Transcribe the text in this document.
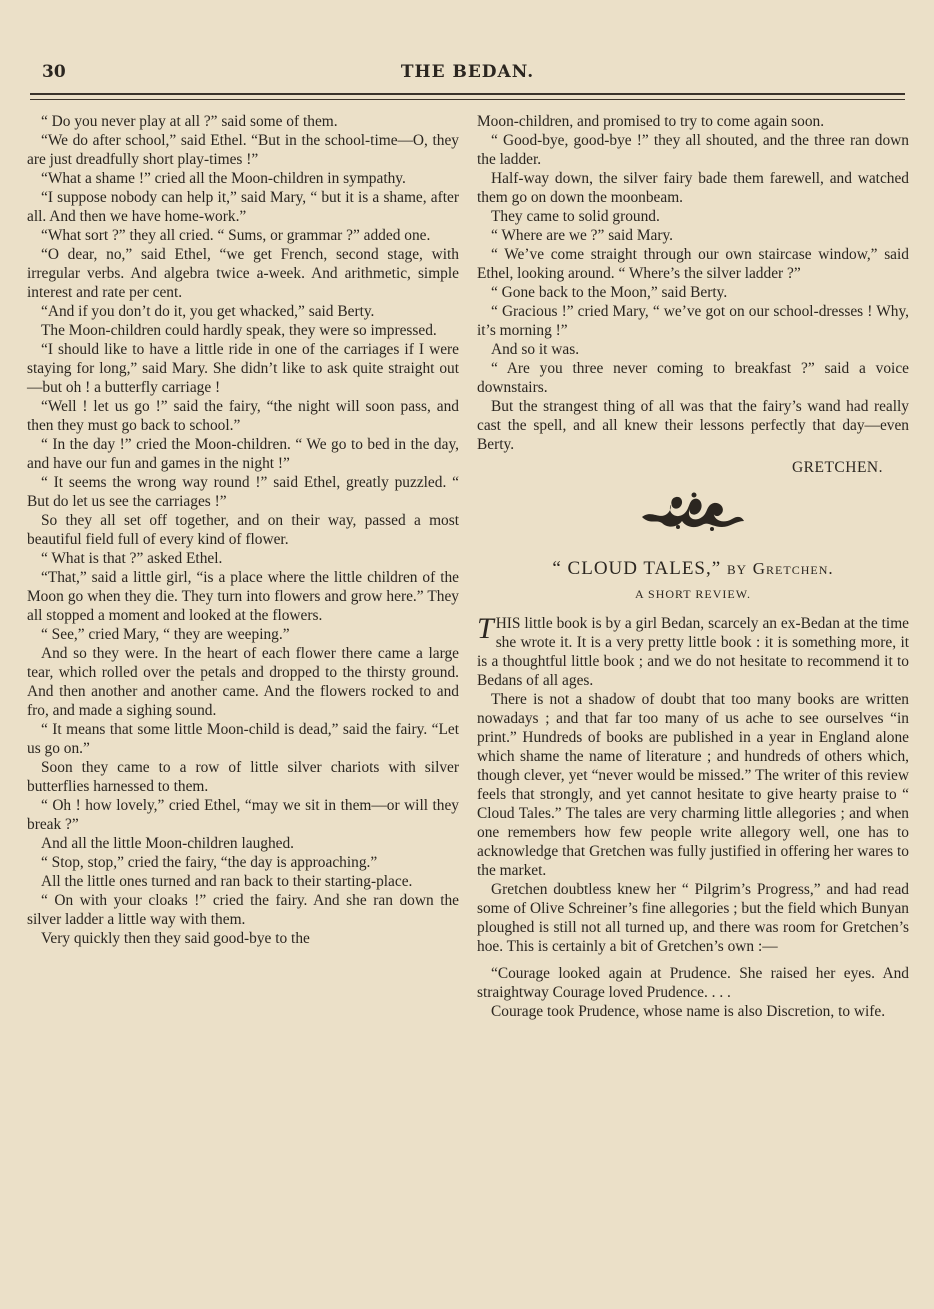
30	THE BEDAN.

“ Do you never play at all ?” said some of them.

“We do after school,” said Ethel. “But in the school-time—O, they are just dreadfully short play-times !”

“What a shame !” cried all the Moon-children in sympathy.

“I suppose nobody can help it,” said Mary, “ but it is a shame, after all. And then we have home-work.”

“What sort ?” they all cried. “ Sums, or grammar ?” added one.

“O dear, no,” said Ethel, “we get French, second stage, with irregular verbs. And algebra twice a-week. And arithmetic, simple interest and rate per cent.

“And if you don’t do it, you get whacked,” said Berty.

The Moon-children could hardly speak, they were so impressed.

“I should like to have a little ride in one of the carriages if I were staying for long,” said Mary. She didn’t like to ask quite straight out—but oh ! a butterfly carriage !

“Well ! let us go !” said the fairy, “the night will soon pass, and then they must go back to school.”

“ In the day !” cried the Moon-children. “ We go to bed in the day, and have our fun and games in the night !”

“ It seems the wrong way round !” said Ethel, greatly puzzled. “ But do let us see the carriages !”

So they all set off together, and on their way, passed a most beautiful field full of every kind of flower.

“ What is that ?” asked Ethel.

“That,” said a little girl, “is a place where the little children of the Moon go when they die. They turn into flowers and grow here.” They all stopped a moment and looked at the flowers.

“ See,” cried Mary, “ they are weeping.”

And so they were. In the heart of each flower there came a large tear, which rolled over the petals and dropped to the thirsty ground. And then another and another came. And the flowers rocked to and fro, and made a sighing sound.

“ It means that some little Moon-child is dead,” said the fairy. “Let us go on.”

Soon they came to a row of little silver chariots with silver butterflies harnessed to them.

“ Oh ! how lovely,” cried Ethel, “may we sit in them—or will they break ?”

And all the little Moon-children laughed.

“ Stop, stop,” cried the fairy, “the day is approaching.”

All the little ones turned and ran back to their starting-place.

“ On with your cloaks !” cried the fairy. And she ran down the silver ladder a little way with them.

Very quickly then they said good-bye to the

Moon-children, and promised to try to come again soon.

“ Good-bye, good-bye !” they all shouted, and the three ran down the ladder.

Half-way down, the silver fairy bade them farewell, and watched them go on down the moonbeam.

They came to solid ground.

“ Where are we ?” said Mary.

“ We’ve come straight through our own staircase window,” said Ethel, looking around. “ Where’s the silver ladder ?”

“ Gone back to the Moon,” said Berty.

“ Gracious !” cried Mary, “ we’ve got on our school-dresses ! Why, it’s morning !”

And so it was.

“ Are you three never coming to breakfast ?” said a voice downstairs.

But the strangest thing of all was that the fairy’s wand had really cast the spell, and all knew their lessons perfectly that day—even Berty.

GRETCHEN.

“ CLOUD TALES,” BY Gretchen.
A SHORT REVIEW.

THIS little book is by a girl Bedan, scarcely an ex-Bedan at the time she wrote it. It is a very pretty little book : it is something more, it is a thoughtful little book ; and we do not hesitate to recommend it to Bedans of all ages.

There is not a shadow of doubt that too many books are written nowadays ; and that far too many of us ache to see ourselves “in print.” Hundreds of books are published in a year in England alone which shame the name of literature ; and hundreds of others which, though clever, yet “never would be missed.” The writer of this review feels that strongly, and yet cannot hesitate to give hearty praise to “ Cloud Tales.” The tales are very charming little allegories ; and when one remembers how few people write allegory well, one has to acknowledge that Gretchen was fully justified in offering her wares to the market.

Gretchen doubtless knew her “ Pilgrim’s Progress,” and had read some of Olive Schreiner’s fine allegories ; but the field which Bunyan ploughed is still not all turned up, and there was room for Gretchen’s hoe. This is certainly a bit of Gretchen’s own :—

“Courage looked again at Prudence. She raised her eyes. And straightway Courage loved Prudence. . . .

Courage took Prudence, whose name is also Discretion, to wife.
